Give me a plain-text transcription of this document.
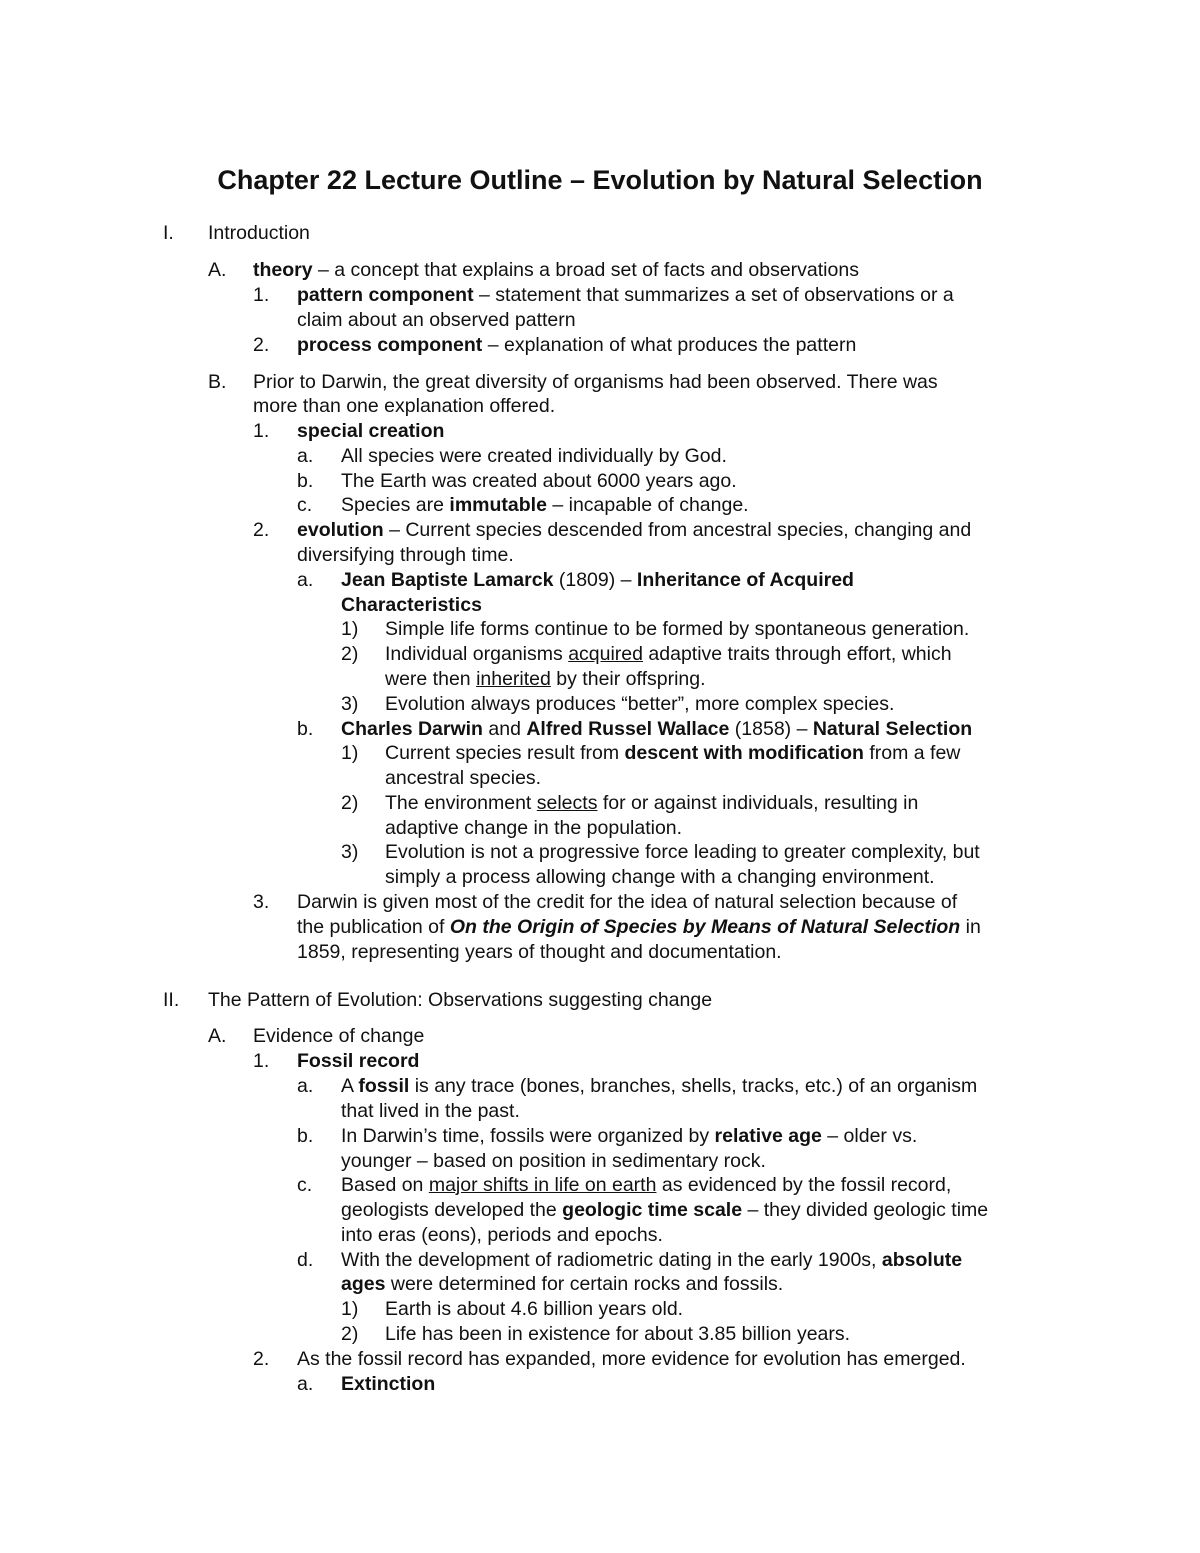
Chapter 22 Lecture Outline – Evolution by Natural Selection
I. Introduction
A. theory – a concept that explains a broad set of facts and observations
1. pattern component – statement that summarizes a set of observations or a
claim about an observed pattern
2. process component – explanation of what produces the pattern
B. Prior to Darwin, the great diversity of organisms had been observed. There was
more than one explanation offered.
1. special creation
a. All species were created individually by God.
b. The Earth was created about 6000 years ago.
c. Species are immutable – incapable of change.
2. evolution – Current species descended from ancestral species, changing and
diversifying through time.
a. Jean Baptiste Lamarck (1809) – Inheritance of Acquired
Characteristics
1) Simple life forms continue to be formed by spontaneous generation.
2) Individual organisms acquired adaptive traits through effort, which
were then inherited by their offspring.
3) Evolution always produces “better”, more complex species.
b. Charles Darwin and Alfred Russel Wallace (1858) – Natural Selection
1) Current species result from descent with modification from a few
ancestral species.
2) The environment selects for or against individuals, resulting in
adaptive change in the population.
3) Evolution is not a progressive force leading to greater complexity, but
simply a process allowing change with a changing environment.
3. Darwin is given most of the credit for the idea of natural selection because of
the publication of On the Origin of Species by Means of Natural Selection in
1859, representing years of thought and documentation.
II. The Pattern of Evolution: Observations suggesting change
A. Evidence of change
1. Fossil record
a. A fossil is any trace (bones, branches, shells, tracks, etc.) of an organism
that lived in the past.
b. In Darwin’s time, fossils were organized by relative age – older vs.
younger – based on position in sedimentary rock.
c. Based on major shifts in life on earth as evidenced by the fossil record,
geologists developed the geologic time scale – they divided geologic time
into eras (eons), periods and epochs.
d. With the development of radiometric dating in the early 1900s, absolute
ages were determined for certain rocks and fossils.
1) Earth is about 4.6 billion years old.
2) Life has been in existence for about 3.85 billion years.
2. As the fossil record has expanded, more evidence for evolution has emerged.
a. Extinction
